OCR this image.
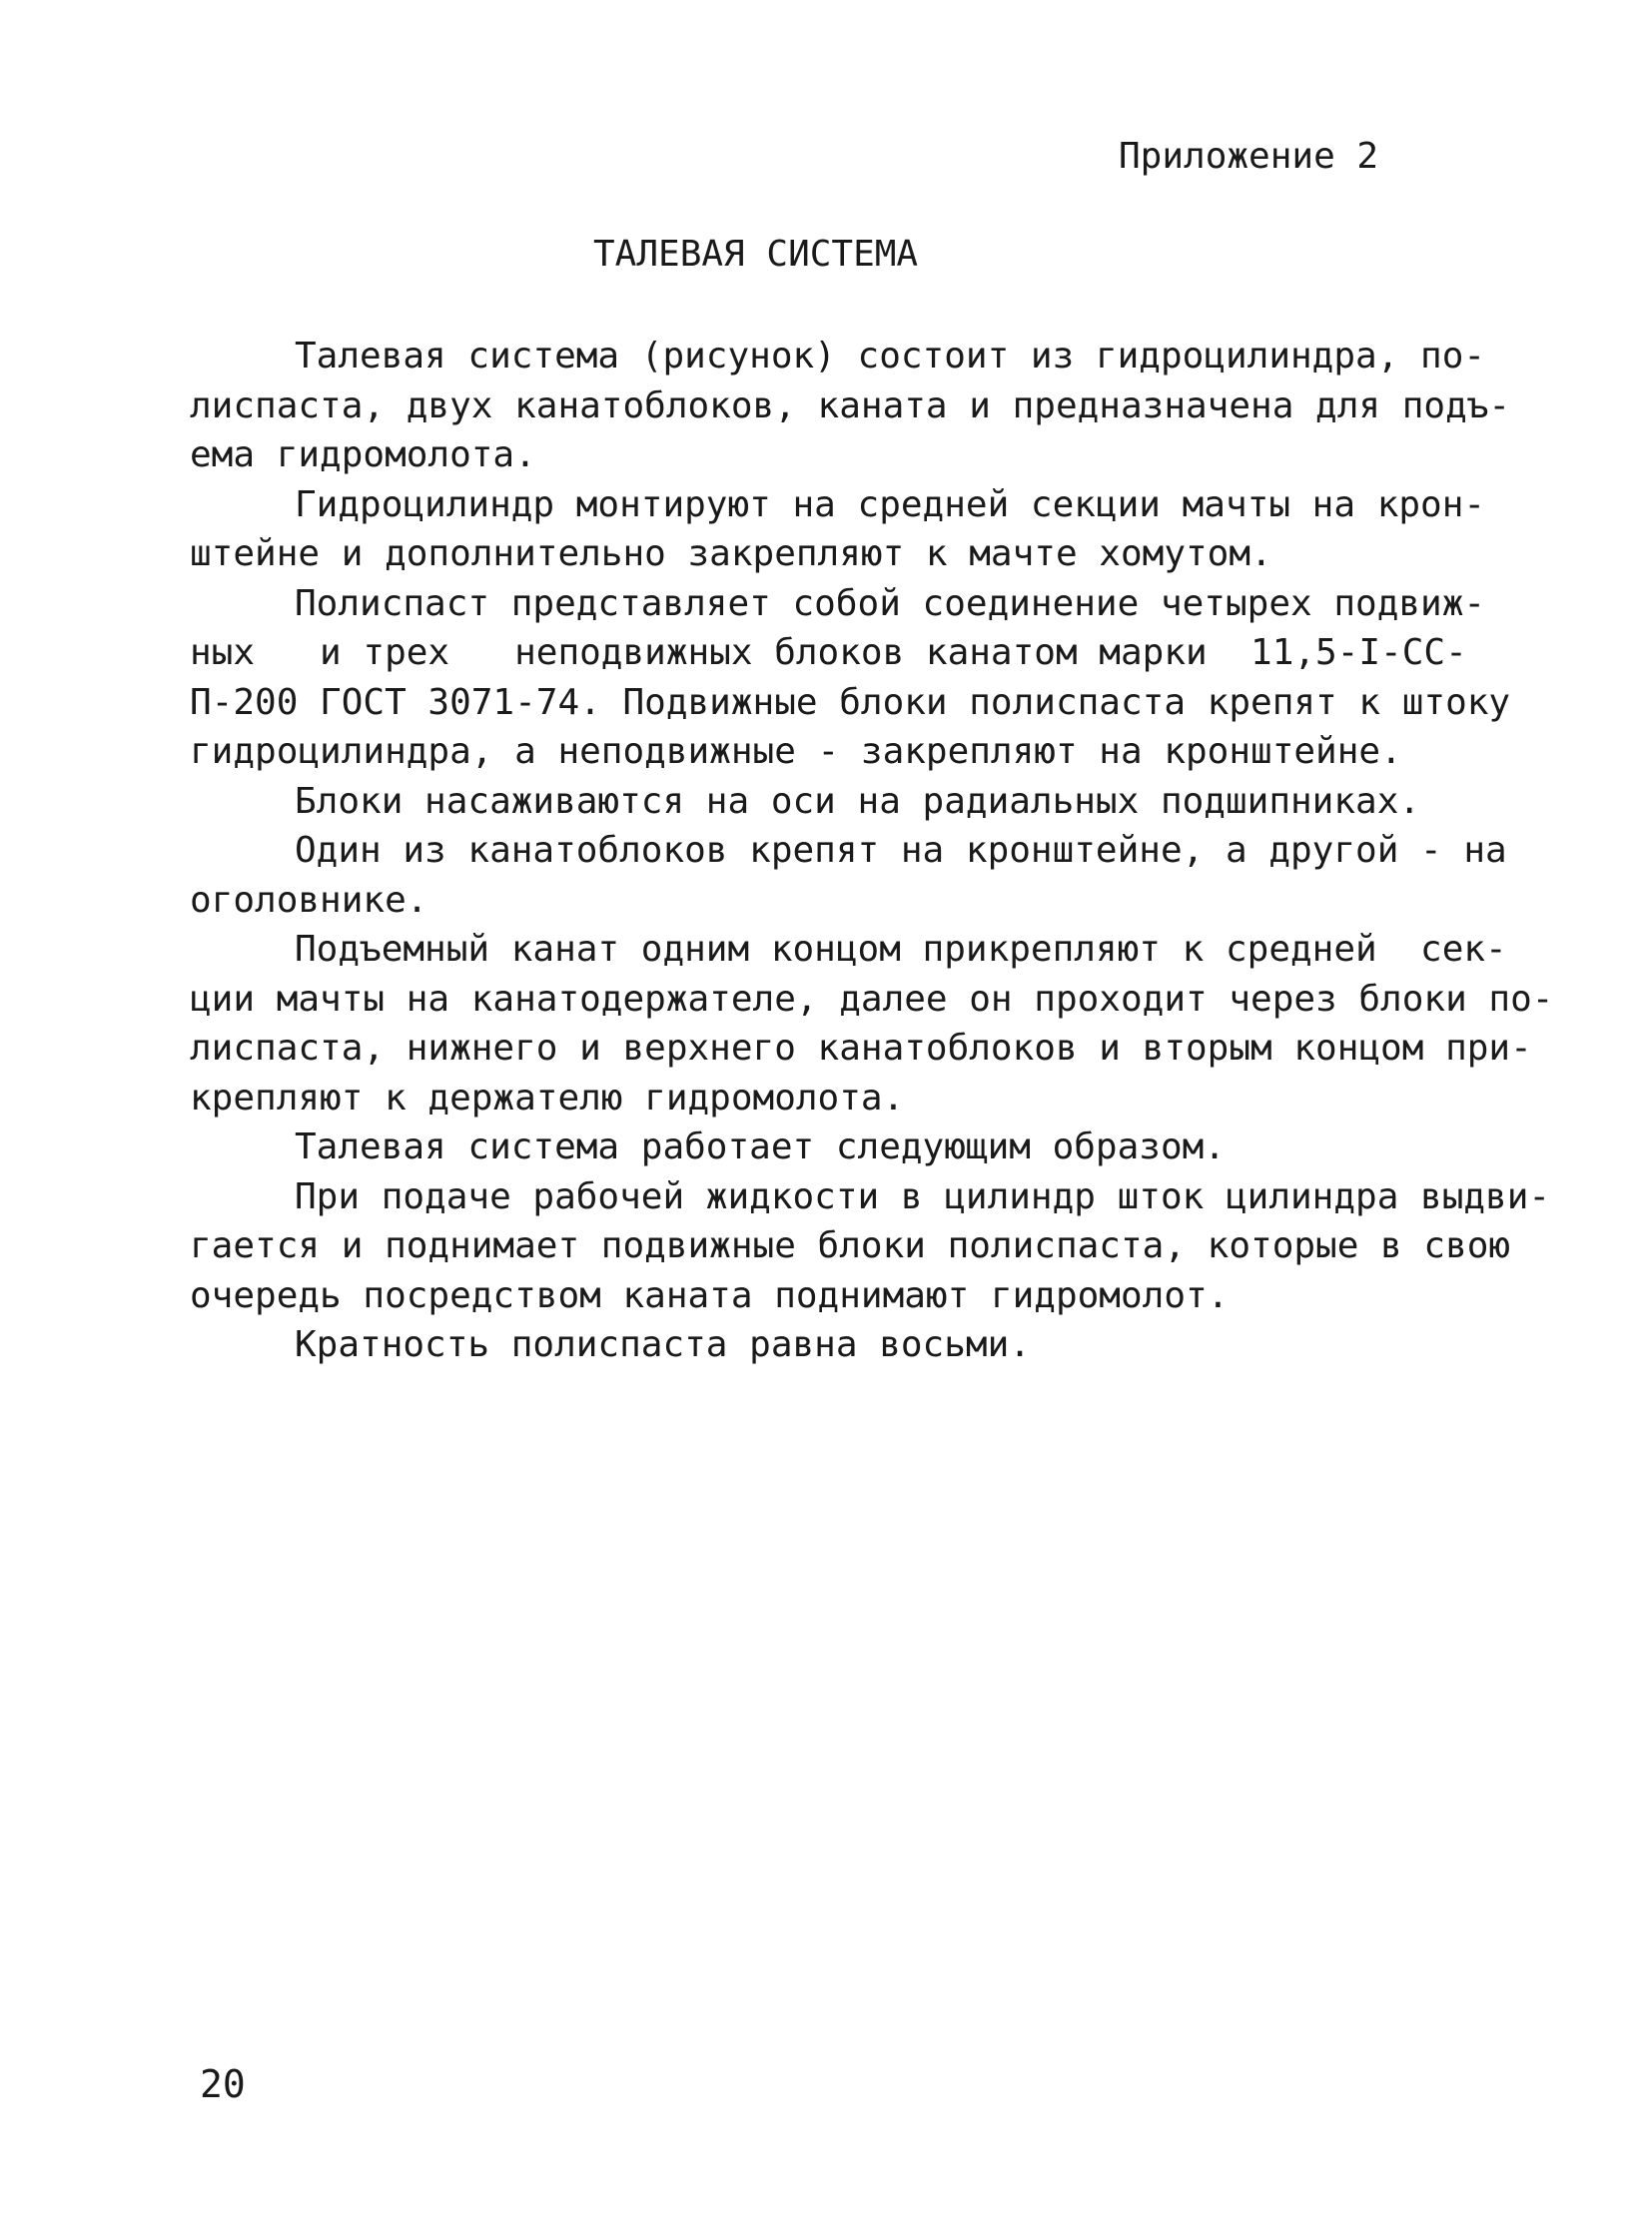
Приложение 2
ТАЛЕВАЯ СИСТЕМА
Талевая система (рисунок) состоит из гидроцилиндра, по-
лиспаста, двух канатоблоков, каната и предназначена для подъ-
ема гидромолота.
Гидроцилиндр монтируют на средней секции мачты на крон-
штейне и дополнительно закрепляют к мачте хомутом.
Полиспаст представляет собой соединение четырех подвиж-
ных   и трех   неподвижных блоков канатом марки  11,5-I-СС-
П-200 ГОСТ 3071-74. Подвижные блоки полиспаста крепят к штоку
гидроцилиндра, а неподвижные - закрепляют на кронштейне.
Блоки насаживаются на оси на радиальных подшипниках.
Один из канатоблоков крепят на кронштейне, а другой - на
оголовнике.
Подъемный канат одним концом прикрепляют к средней  сек-
ции мачты на канатодержателе, далее он проходит через блоки по-
лиспаста, нижнего и верхнего канатоблоков и вторым концом при-
крепляют к держателю гидромолота.
Талевая система работает следующим образом.
При подаче рабочей жидкости в цилиндр шток цилиндра выдви-
гается и поднимает подвижные блоки полиспаста, которые в свою
очередь посредством каната поднимают гидромолот.
Кратность полиспаста равна восьми.
20
